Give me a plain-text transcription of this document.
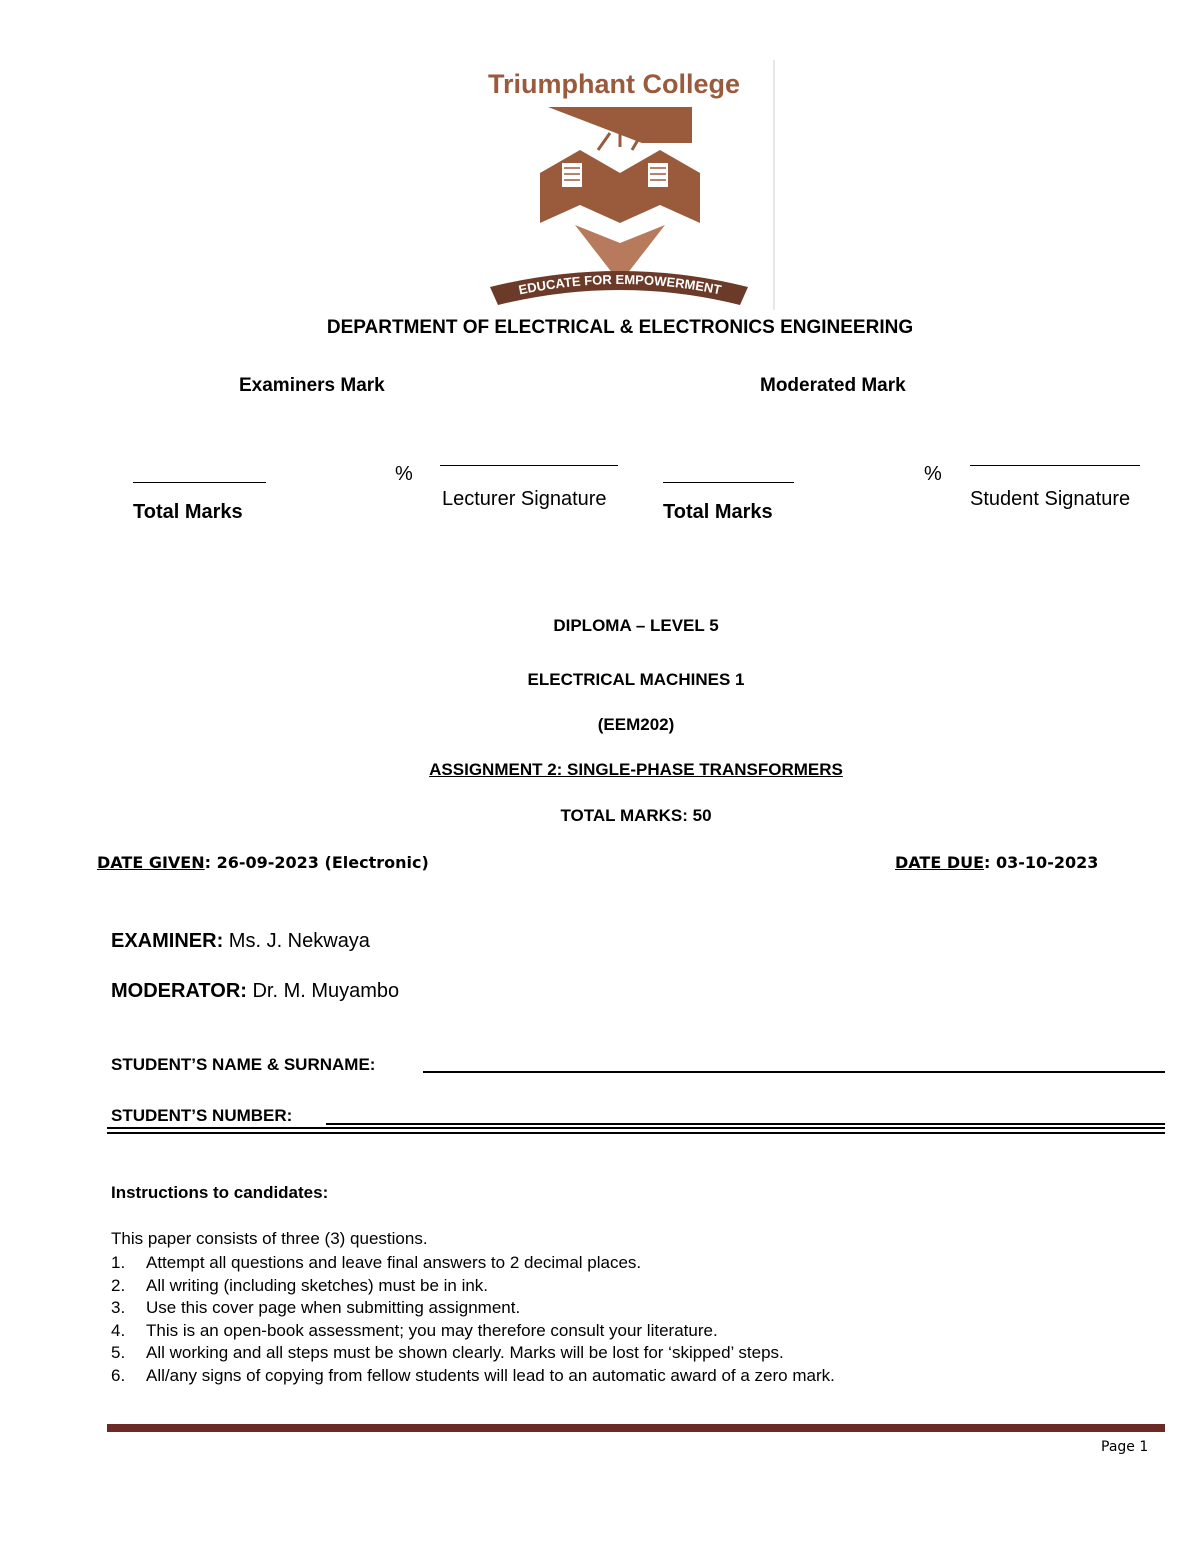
Triumphant College
EDUCATE FOR EMPOWERMENT
DEPARTMENT OF ELECTRICAL & ELECTRONICS ENGINEERING
Examiners Mark	Moderated Mark
Total Marks
%
Lecturer Signature
Total Marks
%
Student Signature
DIPLOMA – LEVEL 5
ELECTRICAL MACHINES 1
(EEM202)
ASSIGNMENT 2: SINGLE-PHASE TRANSFORMERS
TOTAL MARKS: 50
DATE GIVEN: 26-09-2023 (Electronic)	DATE DUE: 03-10-2023
EXAMINER: Ms. J. Nekwaya
MODERATOR: Dr. M. Muyambo
STUDENT’S NAME & SURNAME:
STUDENT’S NUMBER:
Instructions to candidates:
This paper consists of three (3) questions.
1. Attempt all questions and leave final answers to 2 decimal places.
2. All writing (including sketches) must be in ink.
3. Use this cover page when submitting assignment.
4. This is an open-book assessment; you may therefore consult your literature.
5. All working and all steps must be shown clearly. Marks will be lost for ‘skipped’ steps.
6. All/any signs of copying from fellow students will lead to an automatic award of a zero mark.
Page 1
